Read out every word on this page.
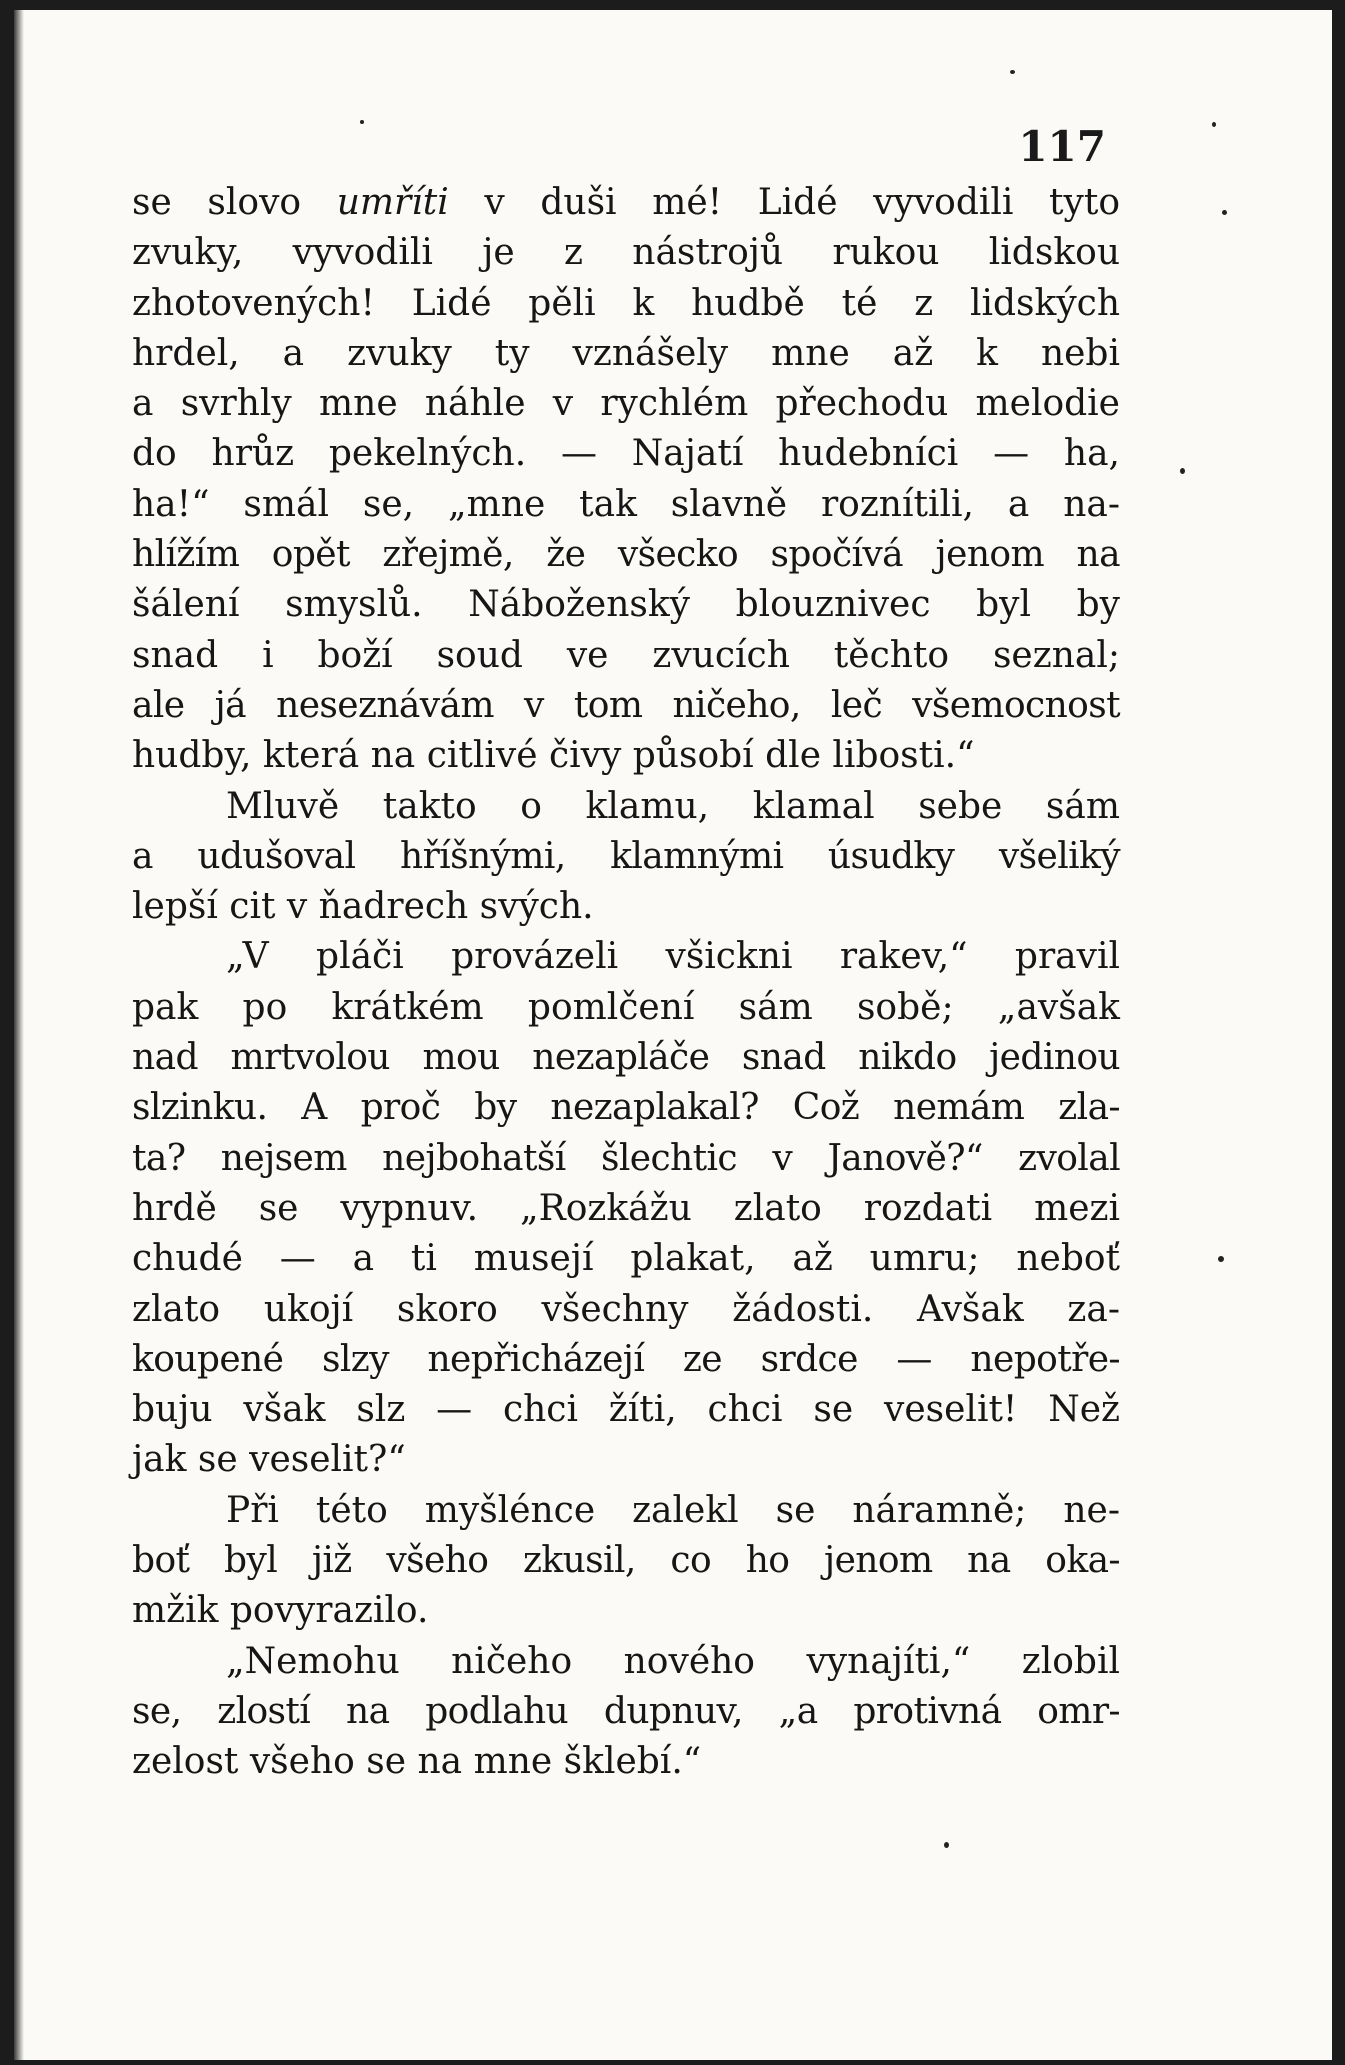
117
se slovo umříti v duši mé! Lidé vyvodili tyto
zvuky, vyvodili je z nástrojů rukou lidskou
zhotovených! Lidé pěli k hudbě té z lidských
hrdel, a zvuky ty vznášely mne až k nebi
a svrhly mne náhle v rychlém přechodu melodie
do hrůz pekelných. — Najatí hudebníci — ha,
ha!“ smál se, „mne tak slavně roznítili, a na-
hlížím opět zřejmě, že všecko spočívá jenom na
šálení smyslů. Náboženský blouznivec byl by
snad i boží soud ve zvucích těchto seznal;
ale já neseznávám v tom ničeho, leč všemocnost
hudby, která na citlivé čivy působí dle libosti.“
Mluvě takto o klamu, klamal sebe sám
a udušoval hříšnými, klamnými úsudky všeliký
lepší cit v ňadrech svých.
„V pláči provázeli všickni rakev,“ pravil
pak po krátkém pomlčení sám sobě; „avšak
nad mrtvolou mou nezapláče snad nikdo jedinou
slzinku. A proč by nezaplakal? Což nemám zla-
ta? nejsem nejbohatší šlechtic v Janově?“ zvolal
hrdě se vypnuv. „Rozkážu zlato rozdati mezi
chudé — a ti musejí plakat, až umru; neboť
zlato ukojí skoro všechny žádosti. Avšak za-
koupené slzy nepřicházejí ze srdce — nepotře-
buju však slz — chci žíti, chci se veselit! Než
jak se veselit?“
Při této myšlénce zalekl se náramně; ne-
boť byl již všeho zkusil, co ho jenom na oka-
mžik povyrazilo.
„Nemohu ničeho nového vynajíti,“ zlobil
se, zlostí na podlahu dupnuv, „a protivná omr-
zelost všeho se na mne šklebí.“
